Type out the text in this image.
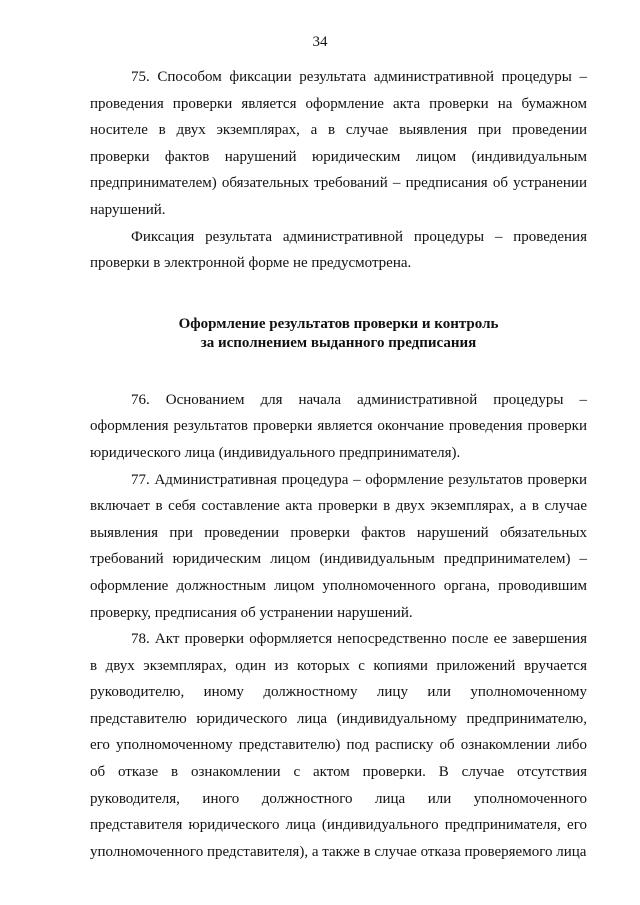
34

75. Способом фиксации результата административной процедуры – проведения проверки является оформление акта проверки на бумажном носителе в двух экземплярах, а в случае выявления при проведении проверки фактов нарушений юридическим лицом (индивидуальным предпринимателем) обязательных требований – предписания об устранении нарушений.

Фиксация результата административной процедуры – проведения проверки в электронной форме не предусмотрена.

Оформление результатов проверки и контроль
за исполнением выданного предписания

76. Основанием для начала административной процедуры – оформления результатов проверки является окончание проведения проверки юридического лица (индивидуального предпринимателя).

77. Административная процедура – оформление результатов проверки включает в себя составление акта проверки в двух экземплярах, а в случае выявления при проведении проверки фактов нарушений обязательных требований юридическим лицом (индивидуальным предпринимателем) – оформление должностным лицом уполномоченного органа, проводившим проверку, предписания об устранении нарушений.

78. Акт проверки оформляется непосредственно после ее завершения в двух экземплярах, один из которых с копиями приложений вручается руководителю, иному должностному лицу или уполномоченному представителю юридического лица (индивидуальному предпринимателю, его уполномоченному представителю) под расписку об ознакомлении либо об отказе в ознакомлении с актом проверки. В случае отсутствия руководителя, иного должностного лица или уполномоченного представителя юридического лица (индивидуального предпринимателя, его уполномоченного представителя), а также в случае отказа проверяемого лица
